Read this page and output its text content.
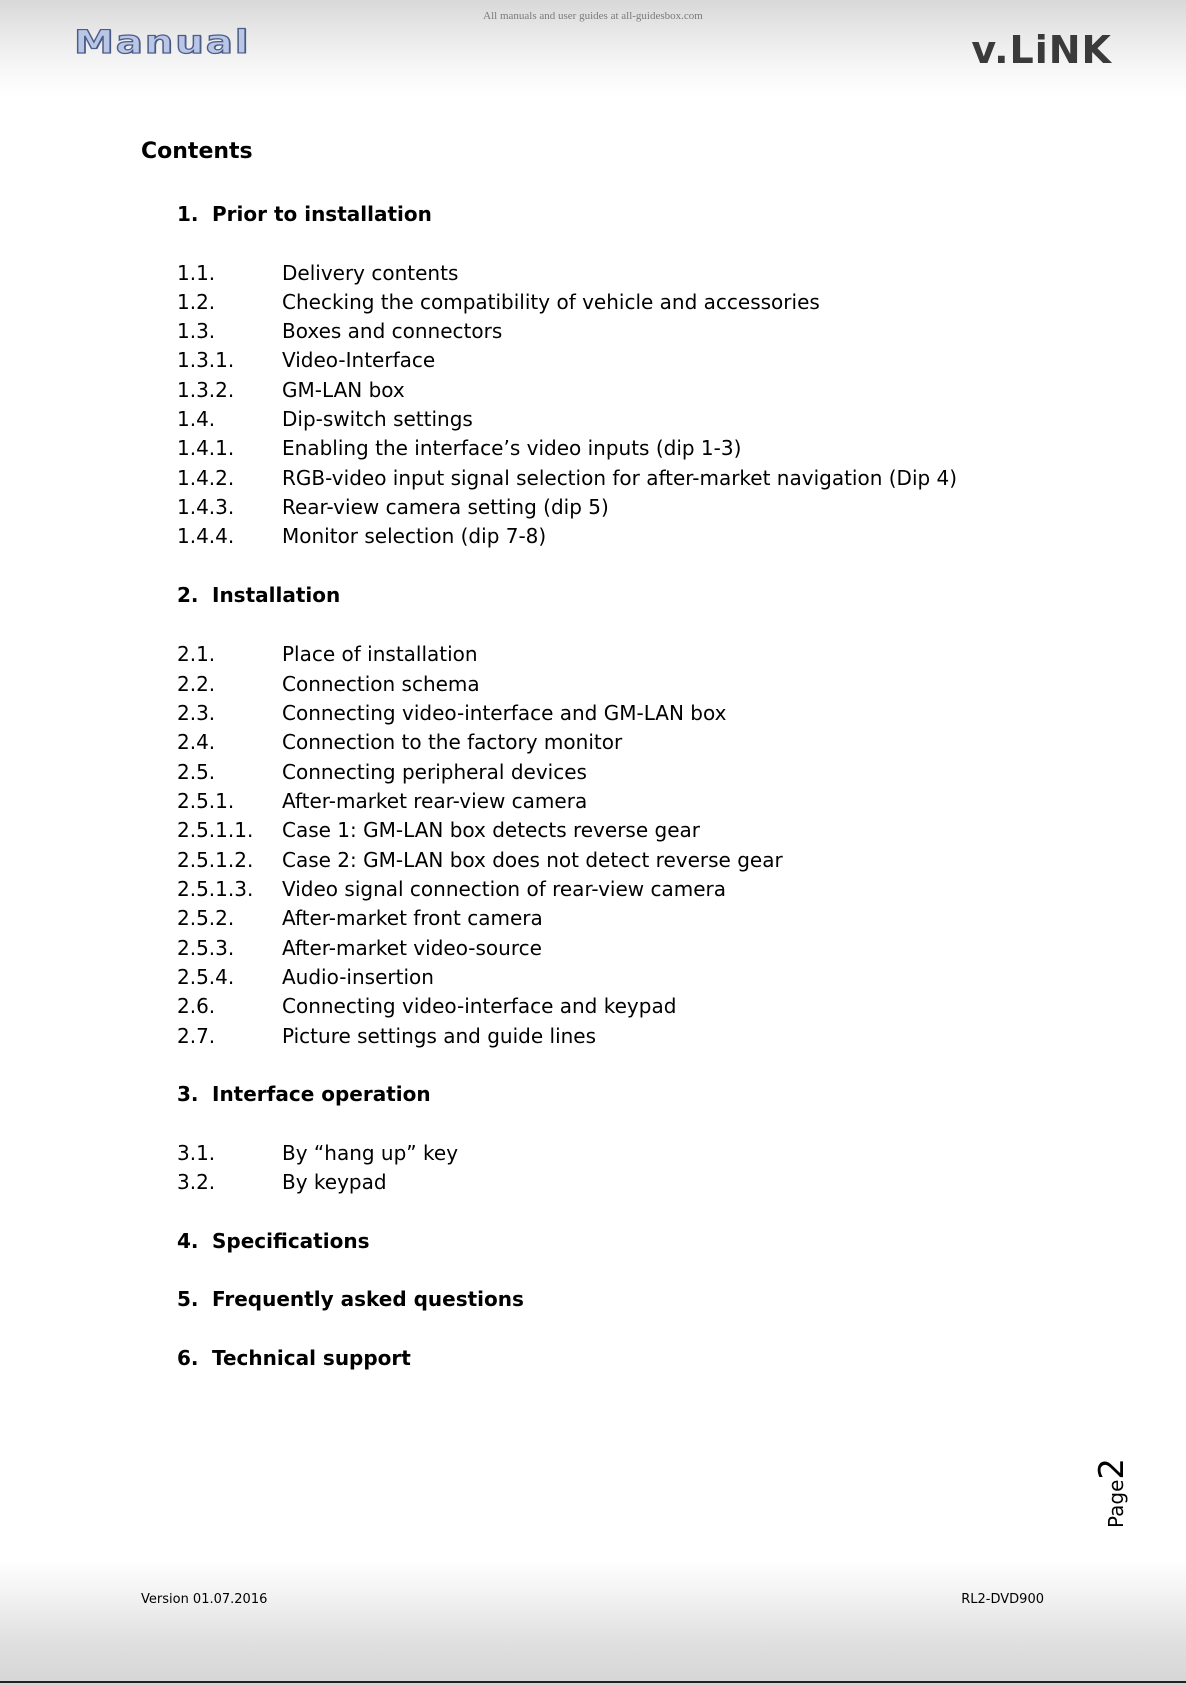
All manuals and user guides at all-guidesbox.com
Manual	v.LiNK
Contents
1. Prior to installation
1.1.	Delivery contents
1.2.	Checking the compatibility of vehicle and accessories
1.3.	Boxes and connectors
1.3.1. Video-Interface
1.3.2. GM-LAN box
1.4.	Dip-switch settings
1.4.1. Enabling the interface’s video inputs (dip 1-3)
1.4.2. RGB-video input signal selection for after-market navigation (Dip 4)
1.4.3. Rear-view camera setting (dip 5)
1.4.4. Monitor selection (dip 7-8)
2. Installation
2.1.	Place of installation
2.2.	Connection schema
2.3.	Connecting video-interface and GM-LAN box
2.4.	Connection to the factory monitor
2.5.	Connecting peripheral devices
2.5.1. After-market rear-view camera
2.5.1.1. Case 1: GM-LAN box detects reverse gear
2.5.1.2. Case 2: GM-LAN box does not detect reverse gear
2.5.1.3. Video signal connection of rear-view camera
2.5.2. After-market front camera
2.5.3. After-market video-source
2.5.4. Audio-insertion
2.6.	Connecting video-interface and keypad
2.7.	Picture settings and guide lines
3. Interface operation
3.1.	By “hang up” key
3.2.	By keypad
4. Specifications
5. Frequently asked questions
6. Technical support
Page2
Version 01.07.2016	RL2-DVD900
